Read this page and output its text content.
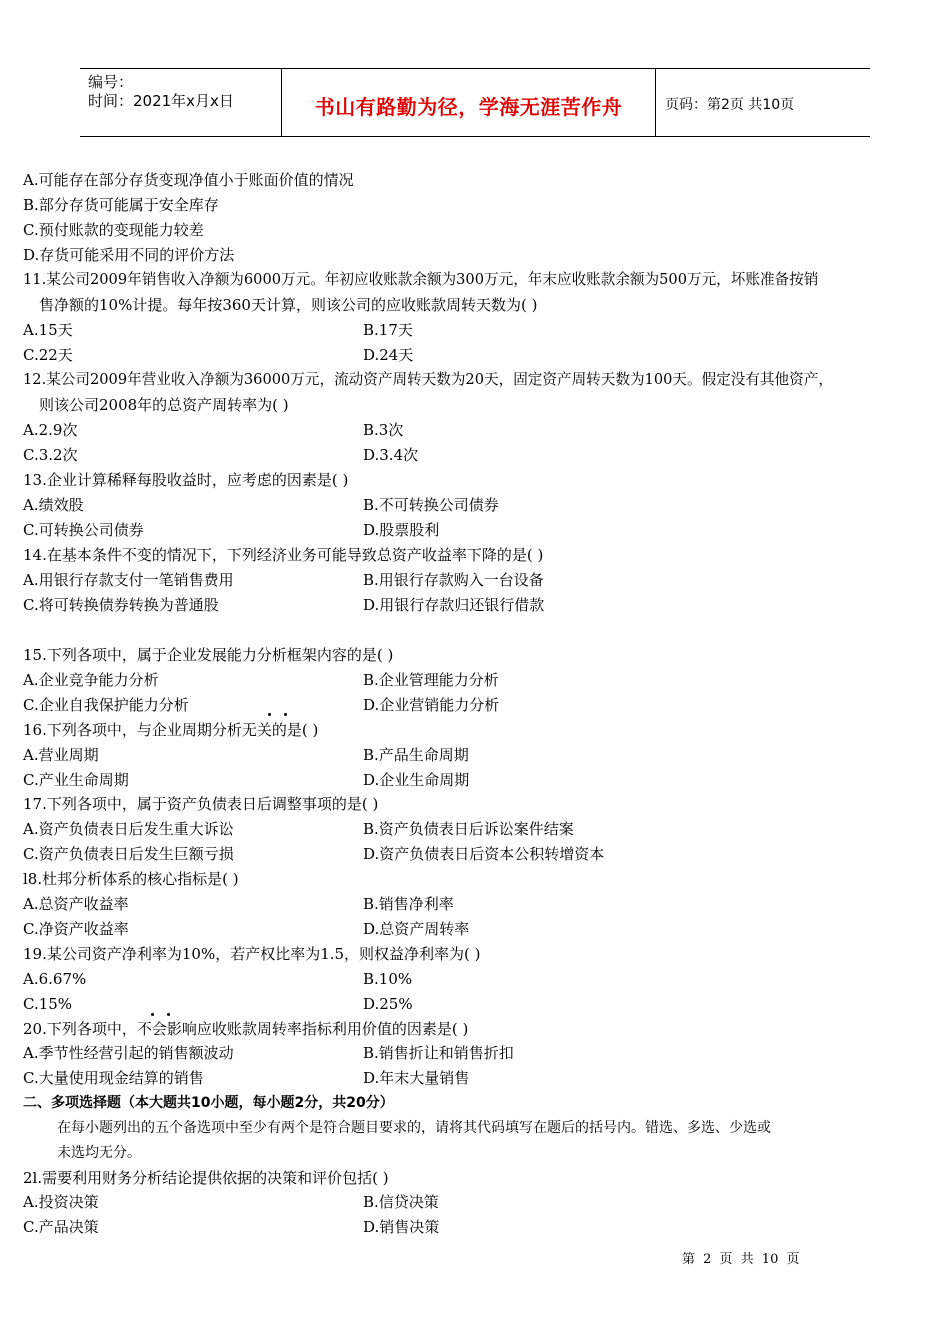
编号：
时间：2021年x月x日	书山有路勤为径，学海无涯苦作舟	页码：第2页 共10页
A.可能存在部分存货变现净值小于账面价值的情况
B.部分存货可能属于安全库存
C.预付账款的变现能力较差
D.存货可能采用不同的评价方法
11.某公司2009年销售收入净额为6000万元。年初应收账款余额为300万元，年末应收账款余额为500万元，坏账准备按销
售净额的10%计提。每年按360天计算，则该公司的应收账款周转天数为( )
A.15天	B.17天
C.22天	D.24天
12.某公司2009年营业收入净额为36000万元，流动资产周转天数为20天，固定资产周转天数为100天。假定没有其他资产，
则该公司2008年的总资产周转率为( )
A.2.9次	B.3次
C.3.2次	D.3.4次
13.企业计算稀释每股收益时，应考虑的因素是( )
A.绩效股	B.不可转换公司债券
C.可转换公司债券	D.股票股利
14.在基本条件不变的情况下，下列经济业务可能导致总资产收益率下降的是( )
A.用银行存款支付一笔销售费用	B.用银行存款购入一台设备
C.将可转换债券转换为普通股	D.用银行存款归还银行借款
15.下列各项中，属于企业发展能力分析框架内容的是( )
A.企业竞争能力分析	B.企业管理能力分析
C.企业自我保护能力分析	D.企业营销能力分析
16.下列各项中，与企业周期分析无关的是( )
A.营业周期	B.产品生命周期
C.产业生命周期	D.企业生命周期
17.下列各项中，属于资产负债表日后调整事项的是( )
A.资产负债表日后发生重大诉讼	B.资产负债表日后诉讼案件结案
C.资产负债表日后发生巨额亏损	D.资产负债表日后资本公积转增资本
l8.杜邦分析体系的核心指标是( )
A.总资产收益率	B.销售净利率
C.净资产收益率	D.总资产周转率
19.某公司资产净利率为10%，若产权比率为1.5，则权益净利率为( )
A.6.67%	B.10%
C.15%	D.25%
20.下列各项中，不会影响应收账款周转率指标利用价值的因素是( )
A.季节性经营引起的销售额波动	B.销售折让和销售折扣
C.大量使用现金结算的销售	D.年末大量销售
二、多项选择题（本大题共10小题，每小题2分，共20分）
在每小题列出的五个备选项中至少有两个是符合题目要求的，请将其代码填写在题后的括号内。错选、多选、少选或
未选均无分。
2l.需要利用财务分析结论提供依据的决策和评价包括( )
A.投资决策	B.信贷决策
C.产品决策	D.销售决策
第 2 页 共 10 页
